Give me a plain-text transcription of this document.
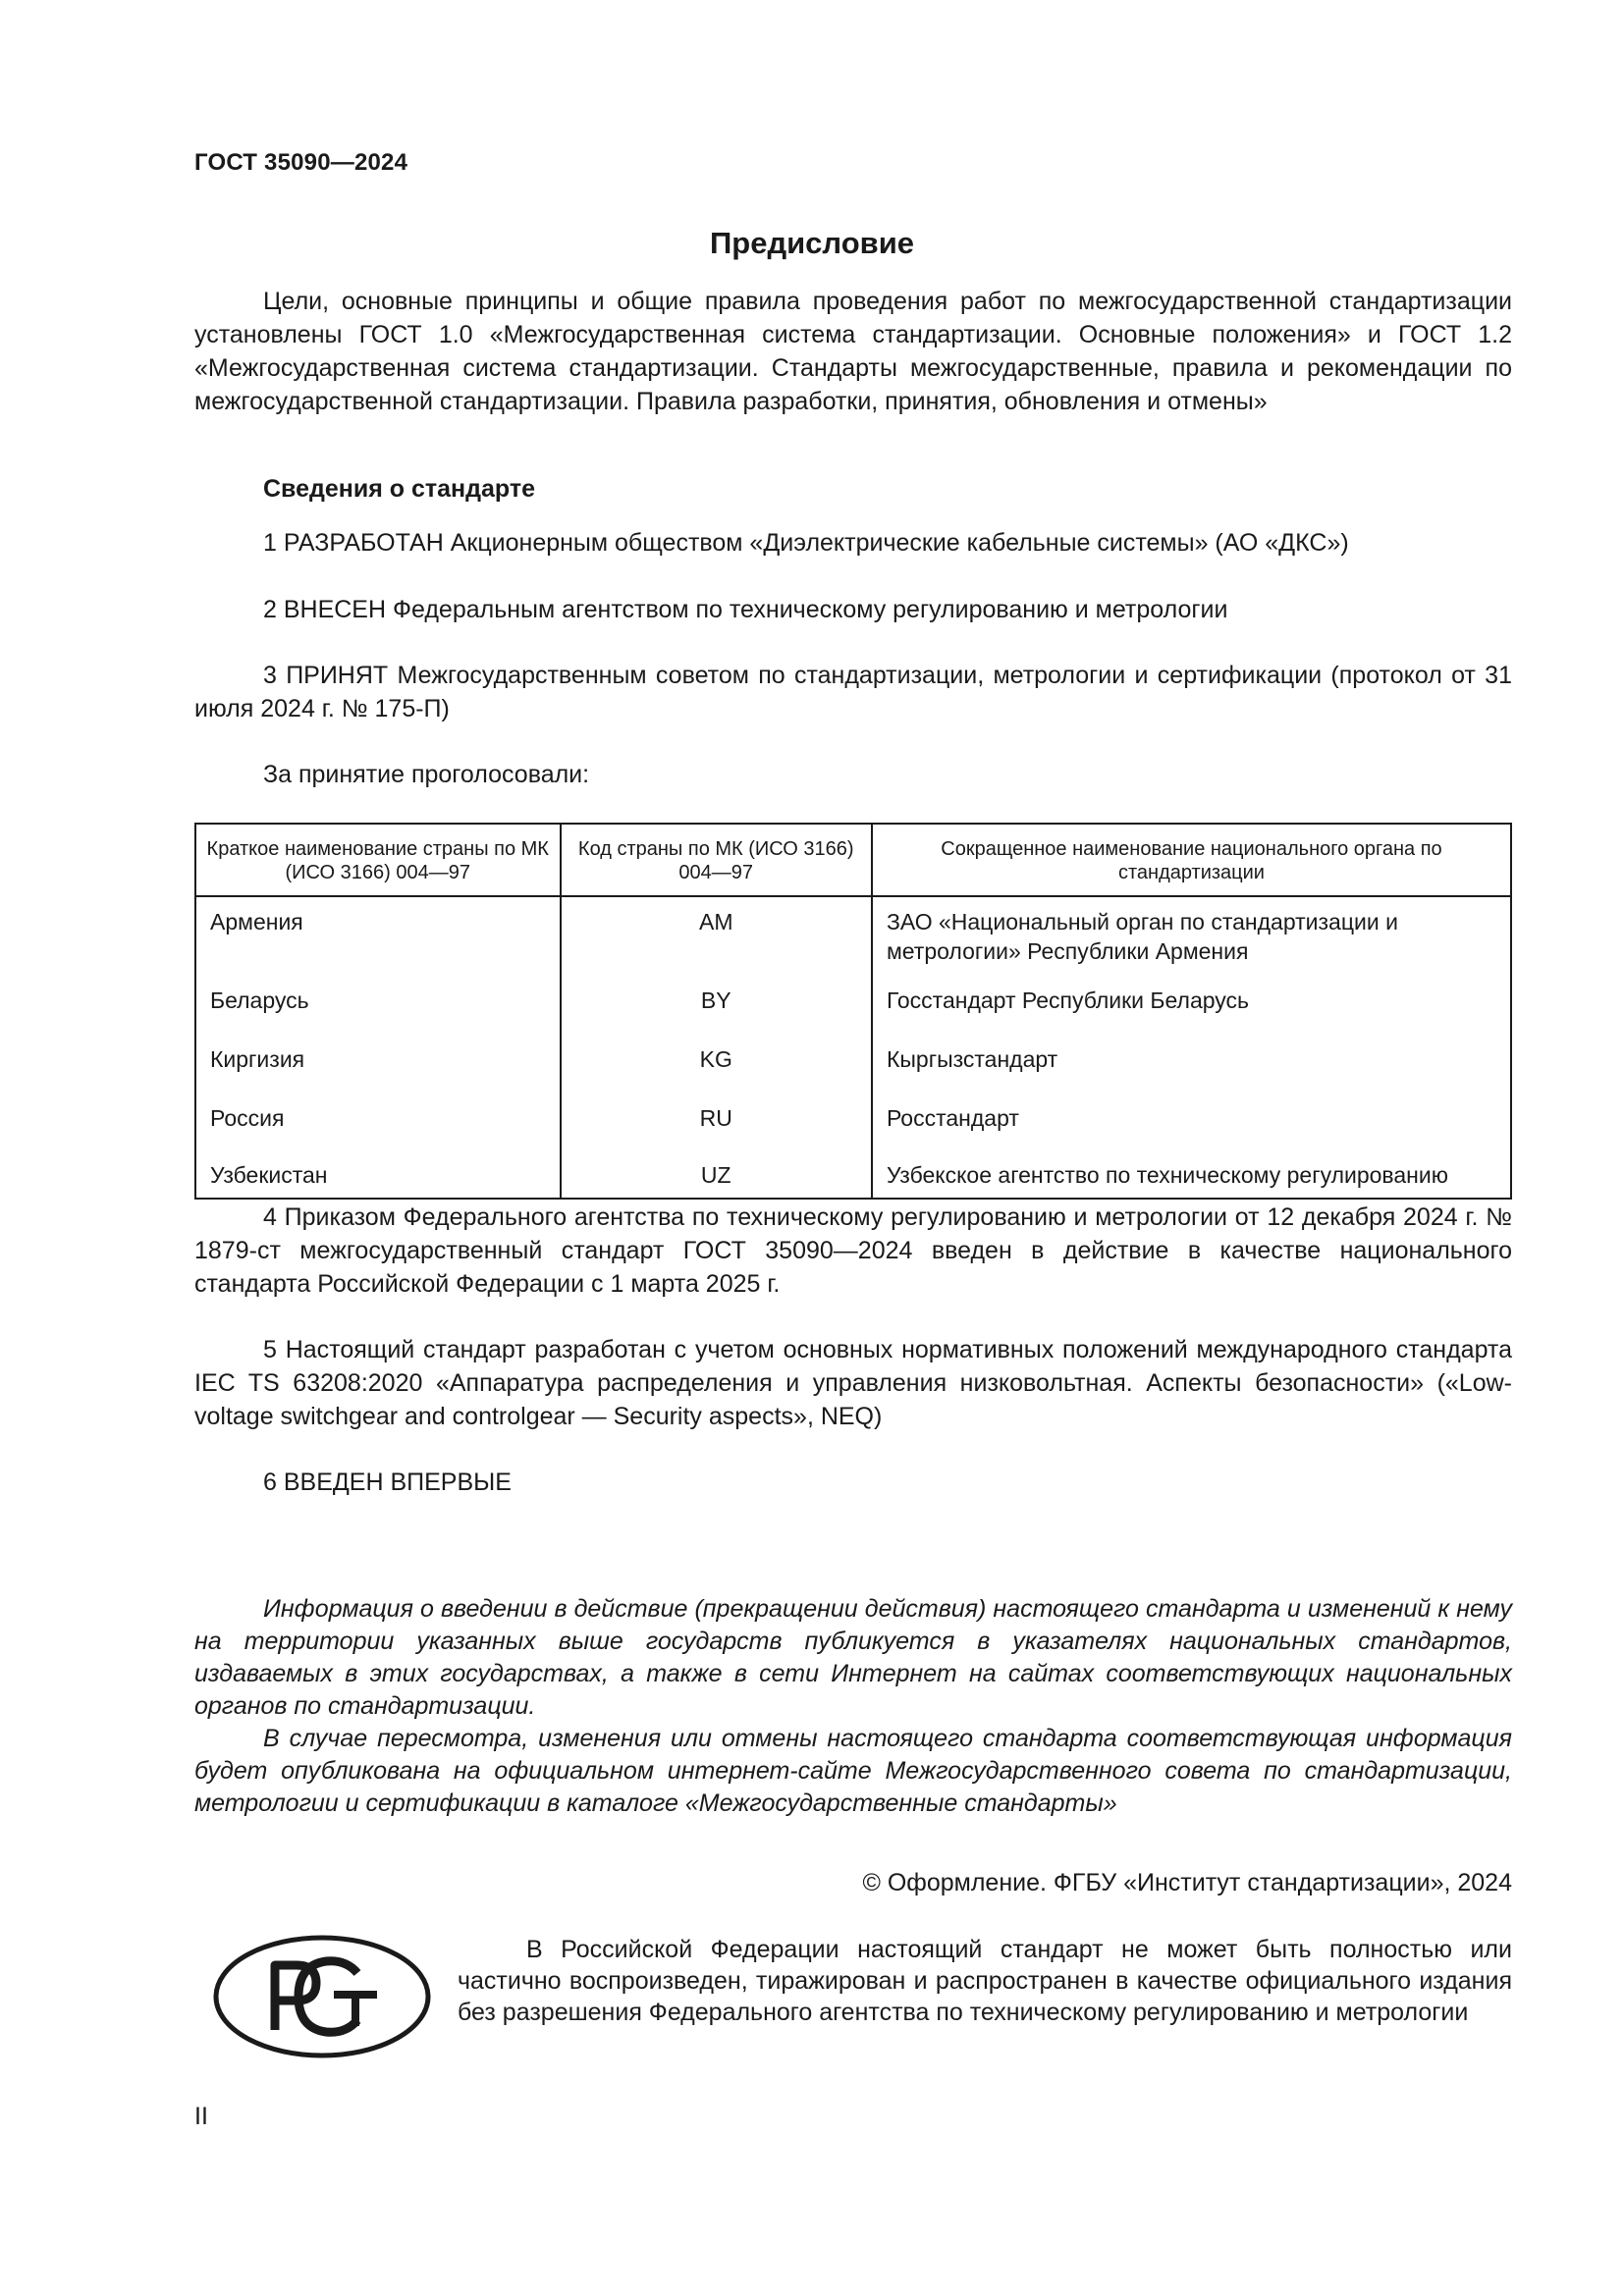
ГОСТ 35090—2024
Предисловие
Цели, основные принципы и общие правила проведения работ по межгосударственной стандартизации установлены ГОСТ 1.0 «Межгосударственная система стандартизации. Основные положения» и ГОСТ 1.2 «Межгосударственная система стандартизации. Стандарты межгосударственные, правила и рекомендации по межгосударственной стандартизации. Правила разработки, принятия, обновления и отмены»
Сведения о стандарте
1 РАЗРАБОТАН Акционерным обществом «Диэлектрические кабельные системы» (АО «ДКС»)
2 ВНЕСЕН Федеральным агентством по техническому регулированию и метрологии
3 ПРИНЯТ Межгосударственным советом по стандартизации, метрологии и сертификации (протокол от 31 июля 2024 г. № 175-П)
За принятие проголосовали:
Краткое наименование страны по МК (ИСО 3166) 004—97	Код страны по МК (ИСО 3166) 004—97	Сокращенное наименование национального органа по стандартизации
Армения	AM	ЗАО «Национальный орган по стандартизации и метрологии» Республики Армения
Беларусь	BY	Госстандарт Республики Беларусь
Киргизия	KG	Кыргызстандарт
Россия	RU	Росстандарт
Узбекистан	UZ	Узбекское агентство по техническому регулированию
4 Приказом Федерального агентства по техническому регулированию и метрологии от 12 декабря 2024 г. № 1879-ст межгосударственный стандарт ГОСТ 35090—2024 введен в действие в качестве национального стандарта Российской Федерации с 1 марта 2025 г.
5 Настоящий стандарт разработан с учетом основных нормативных положений международного стандарта IEC TS 63208:2020 «Аппаратура распределения и управления низковольтная. Аспекты безопасности» («Low-voltage switchgear and controlgear — Security aspects», NEQ)
6 ВВЕДЕН ВПЕРВЫЕ
Информация о введении в действие (прекращении действия) настоящего стандарта и изменений к нему на территории указанных выше государств публикуется в указателях национальных стандартов, издаваемых в этих государствах, а также в сети Интернет на сайтах соответствующих национальных органов по стандартизации.
В случае пересмотра, изменения или отмены настоящего стандарта соответствующая информация будет опубликована на официальном интернет-сайте Межгосударственного совета по стандартизации, метрологии и сертификации в каталоге «Межгосударственные стандарты»
© Оформление. ФГБУ «Институт стандартизации», 2024
В Российской Федерации настоящий стандарт не может быть полностью или частично воспроизведен, тиражирован и распространен в качестве официального издания без разрешения Федерального агентства по техническому регулированию и метрологии
II
